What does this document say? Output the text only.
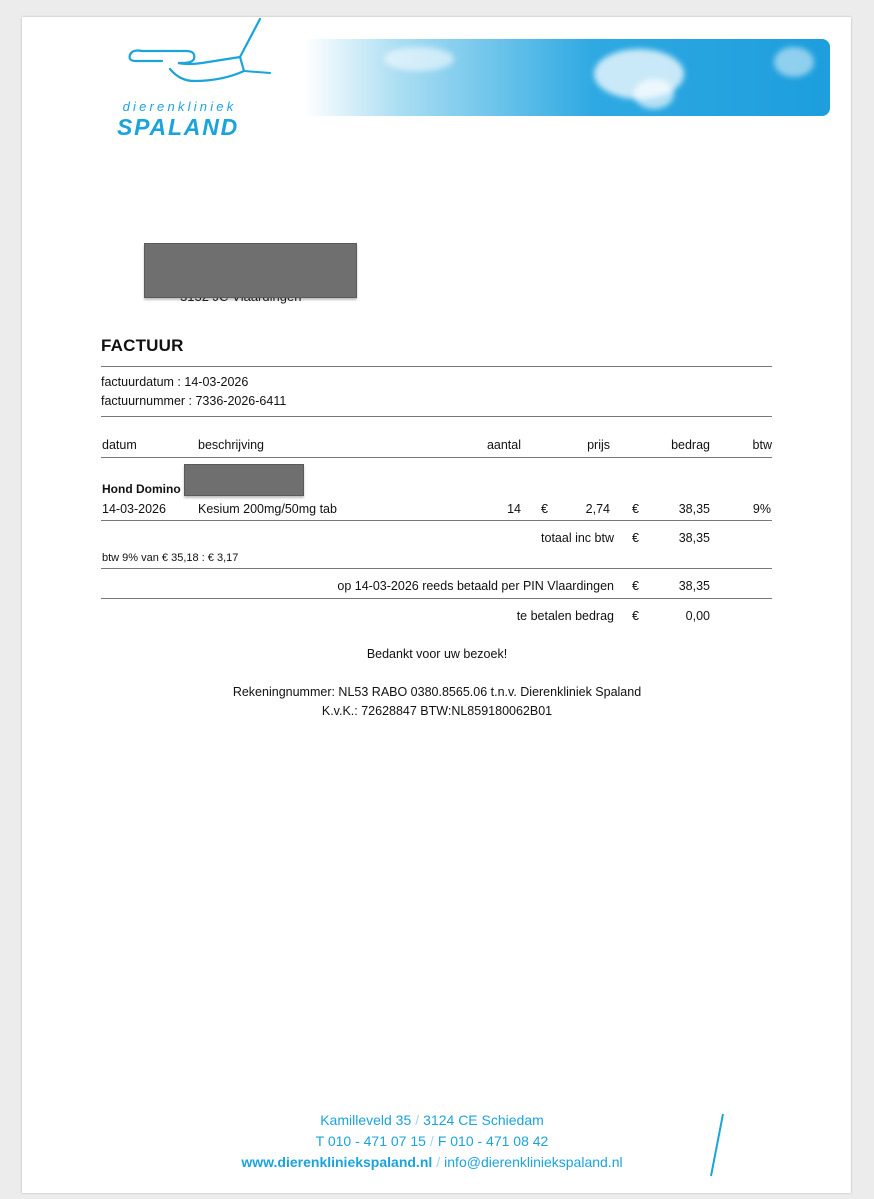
dierenkliniek
SPALAND
FACTUUR
factuurdatum : 14-03-2026
factuurnummer : 7336-2026-6411
datum	beschrijving	aantal	prijs	bedrag	btw
Hond Domino
14-03-2026	Kesium 200mg/50mg tab	14 €	2,74 €	38,35	9%
totaal inc btw €	38,35
btw 9% van € 35,18 : € 3,17
op 14-03-2026 reeds betaald per PIN Vlaardingen €	38,35
te betalen bedrag €	0,00
Bedankt voor uw bezoek!
Rekeningnummer: NL53 RABO 0380.8565.06 t.n.v. Dierenkliniek Spaland
K.v.K.: 72628847 BTW:NL859180062B01
Kamilleveld 35 / 3124 CE Schiedam
T 010 - 471 07 15 / F 010 - 471 08 42
www.dierenkliniekspaland.nl / info@dierenkliniekspaland.nl
